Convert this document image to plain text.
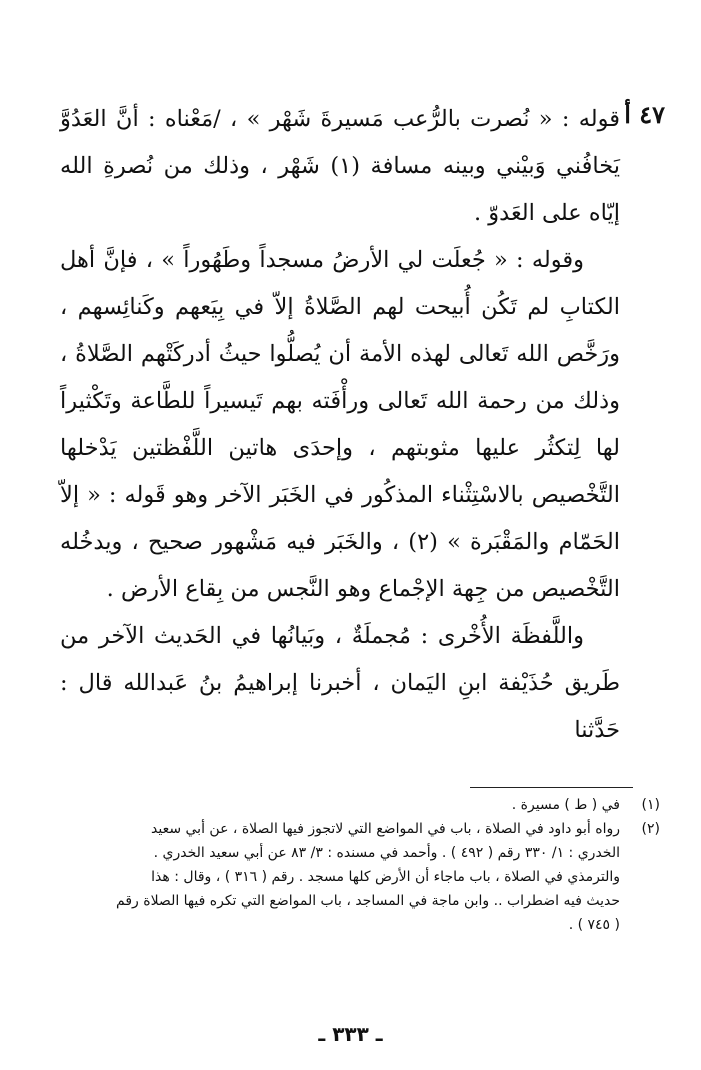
٤٧ أ

قوله : « نُصرت بالرُّعب مَسيرةَ شَهْر » ، /مَعْناه : أنَّ العَدُوَّ يَخافُني وَبيْني وبينه مسافة (١) شَهْر ، وذلك من نُصرةِ الله إيّاه على العَدوّ .

وقوله : « جُعلَت لي الأرضُ مسجداً وطَهُوراً » ، فإنَّ أهل الكتابِ لم تَكُن أُبيحت لهم الصَّلاةُ إلاّ في بِيَعهم وكَنائِسهم ، ورَخَّص الله تَعالى لهذه الأمة أن يُصلُّوا حيثُ أدركَتْهم الصَّلاةُ ، وذلك من رحمة الله تَعالى ورأْفَته بهم تَيسيراً للطَّاعة وتَكْثيراً لها لِتكثُر عليها مثوبتهم ، وإحدَى هاتين اللَّفْظتين يَدْخلها التَّخْصيص بالاسْتِثْناء المذكُور في الخَبَر الآخر وهو قَوله : « إلاّ الحَمّام والمَقْبَرة » (٢) ، والخَبَر فيه مَشْهور صحيح ، ويدخُله التَّخْصيص من جِهة الإجْماع وهو النَّجس من بِقاع الأرض .

واللَّفظَة الأُخْرى : مُجملَةٌ ، وبَيانُها في الحَديث الآخر من طَريق حُذَيْفة ابنِ اليَمان ، أخبرنا إبراهيمُ بنُ عَبدالله قال : حَدَّثنا

(١)
في ( ط ) مسيرة .
(٢)
رواه أبو داود في الصلاة ، باب في المواضع التي لاتجوز فيها الصلاة ، عن أبي سعيد
الخدري : ١/ ٣٣٠ رقم ( ٤٩٢ ) . وأحمد في مسنده : ٣/ ٨٣ عن أبي سعيد الخدري .
والترمذي في الصلاة ، باب ماجاء أن الأرض كلها مسجد . رقم ( ٣١٦ ) ، وقال : هذا
حديث فيه اضطراب .. وابن ماجة في المساجد ، باب المواضع التي تكره فيها الصلاة رقم
( ٧٤٥ ) .
ـ ٣٣٣ ـ
